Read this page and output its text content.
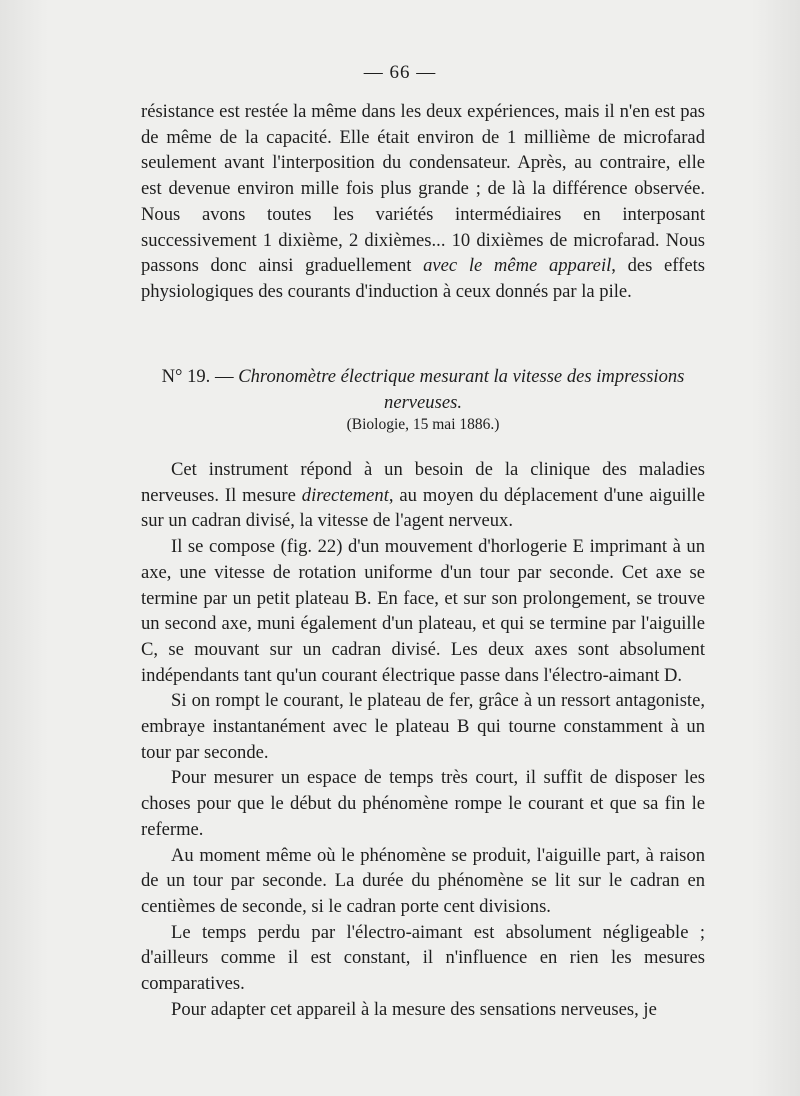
— 66 —

résistance est restée la même dans les deux expériences, mais il n'en est pas de même de la capacité. Elle était environ de 1 millième de microfarad seulement avant l'interposition du condensateur. Après, au contraire, elle est devenue environ mille fois plus grande ; de là la différence observée. Nous avons toutes les variétés intermédiaires en interposant successivement 1 dixième, 2 dixièmes... 10 dixièmes de microfarad. Nous passons donc ainsi graduellement avec le même appareil, des effets physiologiques des courants d'induction à ceux donnés par la pile.

N° 19. — Chronomètre électrique mesurant la vitesse des impressions nerveuses.
(Biologie, 15 mai 1886.)

Cet instrument répond à un besoin de la clinique des maladies nerveuses. Il mesure directement, au moyen du déplacement d'une aiguille sur un cadran divisé, la vitesse de l'agent nerveux.

Il se compose (fig. 22) d'un mouvement d'horlogerie E imprimant à un axe, une vitesse de rotation uniforme d'un tour par seconde. Cet axe se termine par un petit plateau B. En face, et sur son prolongement, se trouve un second axe, muni également d'un plateau, et qui se termine par l'aiguille C, se mouvant sur un cadran divisé. Les deux axes sont absolument indépendants tant qu'un courant électrique passe dans l'électro-aimant D.

Si on rompt le courant, le plateau de fer, grâce à un ressort antagoniste, embraye instantanément avec le plateau B qui tourne constamment à un tour par seconde.

Pour mesurer un espace de temps très court, il suffit de disposer les choses pour que le début du phénomène rompe le courant et que sa fin le referme.

Au moment même où le phénomène se produit, l'aiguille part, à raison de un tour par seconde. La durée du phénomène se lit sur le cadran en centièmes de seconde, si le cadran porte cent divisions.

Le temps perdu par l'électro-aimant est absolument négligeable ; d'ailleurs comme il est constant, il n'influence en rien les mesures comparatives.

Pour adapter cet appareil à la mesure des sensations nerveuses, je
